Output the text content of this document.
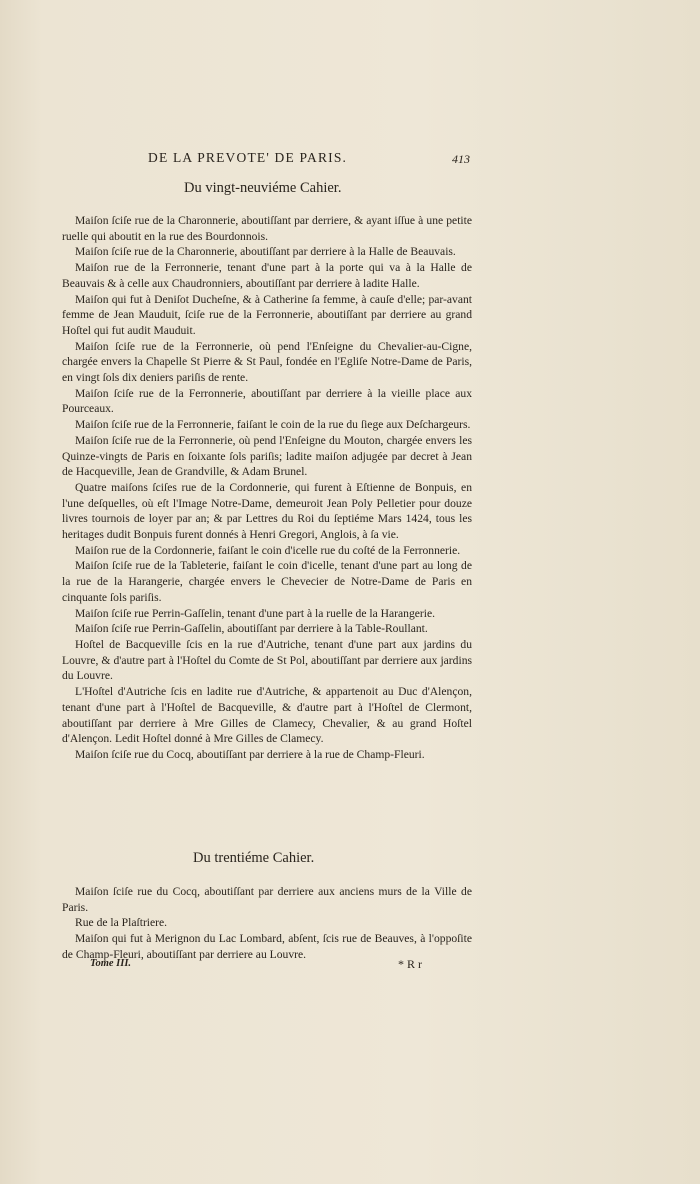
DE LA PREVOTE' DE PARIS.	413
Du vingt-neuviéme Cahier.

Maiſon ſciſe rue de la Charonnerie, aboutiſſant par derriere, & ayant iſſue à une petite ruelle qui aboutit en la rue des Bourdonnois.

Maiſon ſciſe rue de la Charonnerie, aboutiſſant par derriere à la Halle de Beauvais.

Maiſon rue de la Ferronnerie, tenant d'une part à la porte qui va à la Halle de Beauvais & à celle aux Chaudronniers, aboutiſſant par derriere à ladite Halle.

Maiſon qui fut à Deniſot Ducheſne, & à Catherine ſa femme, à cauſe d'elle; par-avant femme de Jean Mauduit, ſciſe rue de la Ferronnerie, aboutiſſant par derriere au grand Hoſtel qui fut audit Mauduit.

Maiſon ſciſe rue de la Ferronnerie, où pend l'Enſeigne du Chevalier-au-Cigne, chargée envers la Chapelle St Pierre & St Paul, fondée en l'Egliſe Notre-Dame de Paris, en vingt ſols dix deniers pariſis de rente.

Maiſon ſciſe rue de la Ferronnerie, aboutiſſant par derriere à la vieille place aux Pourceaux.

Maiſon ſciſe rue de la Ferronnerie, faiſant le coin de la rue du ſiege aux Deſchargeurs.

Maiſon ſciſe rue de la Ferronnerie, où pend l'Enſeigne du Mouton, chargée envers les Quinze-vingts de Paris en ſoixante ſols pariſis; ladite maiſon adjugée par decret à Jean de Hacqueville, Jean de Grandville, & Adam Brunel.

Quatre maiſons ſciſes rue de la Cordonnerie, qui furent à Eſtienne de Bonpuis, en l'une deſquelles, où eſt l'Image Notre-Dame, demeuroit Jean Poly Pelletier pour douze livres tournois de loyer par an; & par Lettres du Roi du ſeptiéme Mars 1424, tous les heritages dudit Bonpuis furent donnés à Henri Gregori, Anglois, à ſa vie.

Maiſon rue de la Cordonnerie, faiſant le coin d'icelle rue du coſté de la Ferronnerie.

Maiſon ſciſe rue de la Tableterie, faiſant le coin d'icelle, tenant d'une part au long de la rue de la Harangerie, chargée envers le Chevecier de Notre-Dame de Paris en cinquante ſols pariſis.

Maiſon ſciſe rue Perrin-Gaſſelin, tenant d'une part à la ruelle de la Harangerie.

Maiſon ſciſe rue Perrin-Gaſſelin, aboutiſſant par derriere à la Table-Roullant.

Hoſtel de Bacqueville ſcis en la rue d'Autriche, tenant d'une part aux jardins du Louvre, & d'autre part à l'Hoſtel du Comte de St Pol, aboutiſſant par derriere aux jardins du Louvre.

L'Hoſtel d'Autriche ſcis en ladite rue d'Autriche, & appartenoit au Duc d'Alençon, tenant d'une part à l'Hoſtel de Bacqueville, & d'autre part à l'Hoſtel de Clermont, aboutiſſant par derriere à Mre Gilles de Clamecy, Chevalier, & au grand Hoſtel d'Alençon. Ledit Hoſtel donné à Mre Gilles de Clamecy.

Maiſon ſciſe rue du Cocq, aboutiſſant par derriere à la rue de Champ-Fleuri.

Du trentiéme Cahier.

Maiſon ſciſe rue du Cocq, aboutiſſant par derriere aux anciens murs de la Ville de Paris.

Rue de la Plaſtriere.

Maiſon qui fut à Merignon du Lac Lombard, abſent, ſcis rue de Beauves, à l'oppoſite de Champ-Fleuri, aboutiſſant par derriere au Louvre.

Tome III.	* R r
